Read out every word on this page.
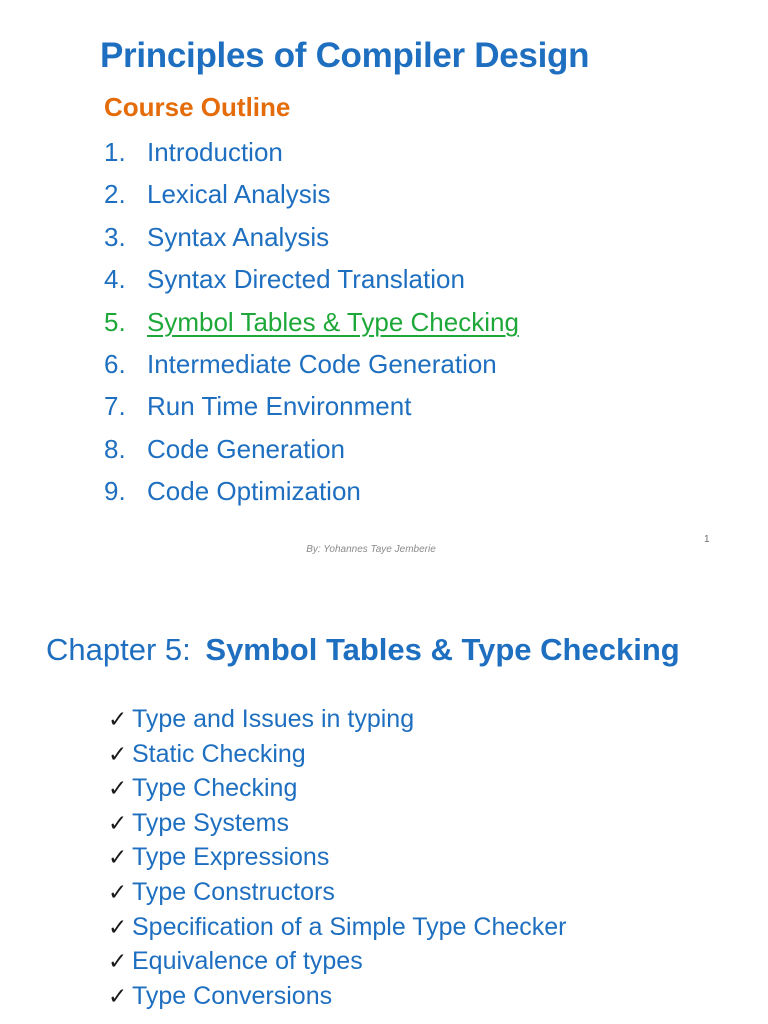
Principles of Compiler Design
Course Outline
1. Introduction
2. Lexical Analysis
3. Syntax Analysis
4. Syntax Directed Translation
5. Symbol Tables & Type Checking
6. Intermediate Code Generation
7. Run Time Environment
8. Code Generation
9. Code Optimization
By: Yohannes Taye Jemberie
1
Chapter 5: Symbol Tables & Type Checking
✓ Type and Issues in typing
✓ Static Checking
✓ Type Checking
✓ Type Systems
✓ Type Expressions
✓ Type Constructors
✓ Specification of a Simple Type Checker
✓ Equivalence of types
✓ Type Conversions
